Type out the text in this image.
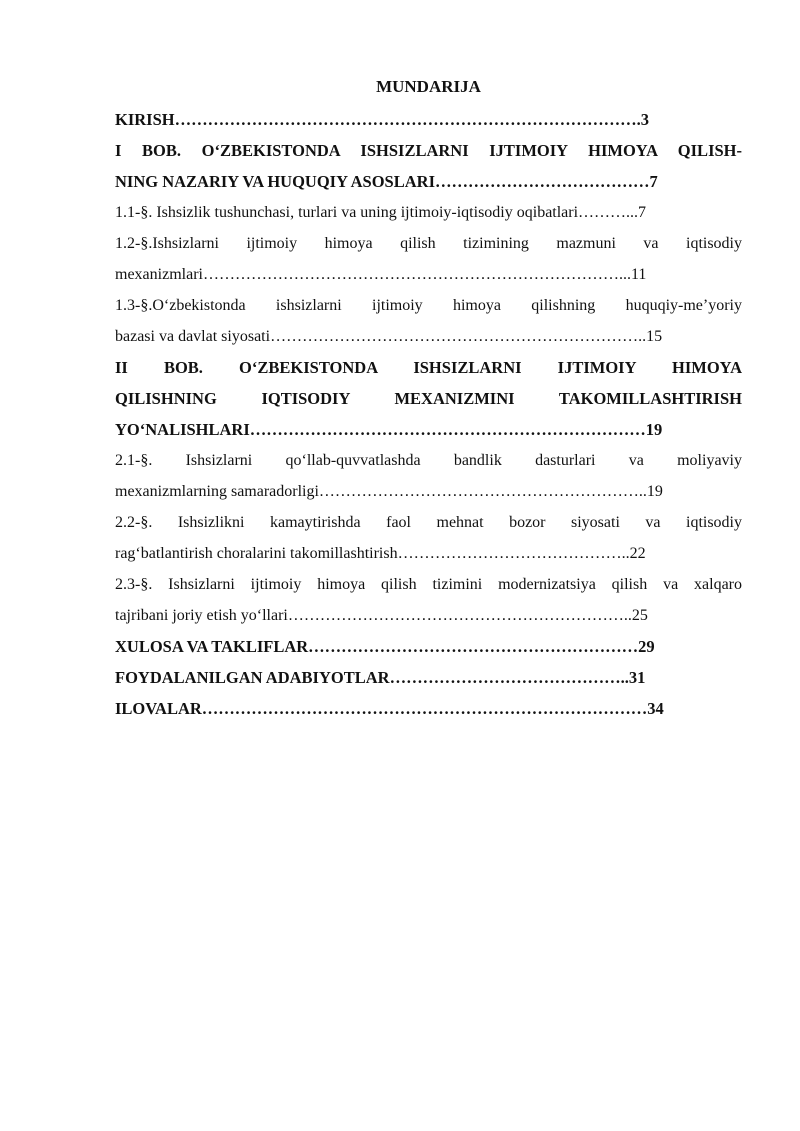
MUNDARIJA
KIRISH………………………………………………………………………….3
I BOB. O‘ZBEKISTONDA ISHSIZLARNI IJTIMOIY HIMOYA QILISH-
NING NAZARIY VA HUQUQIY ASOSLARI…………………………………7
1.1-§. Ishsizlik tushunchasi, turlari va uning ijtimoiy-iqtisodiy oqibatlari………...7
1.2-§.Ishsizlarni ijtimoiy himoya qilish tizimining mazmuni va iqtisodiy
mexanizmlari……………………………………………………………………...11
1.3-§.O‘zbekistonda ishsizlarni ijtimoiy himoya qilishning huquqiy-me’yoriy
bazasi va davlat siyosati……………………………………………………………..15
II BOB. O‘ZBEKISTONDA ISHSIZLARNI IJTIMOIY HIMOYA
QILISHNING IQTISODIY MEXANIZMINI TAKOMILLASHTIRISH
YO‘NALISHLARI………………………………………………………………19
2.1-§. Ishsizlarni qo‘llab-quvvatlashda bandlik dasturlari va moliyaviy
mexanizmlarning samaradorligi……………………………………………………..19
2.2-§. Ishsizlikni kamaytirishda faol mehnat bozor siyosati va iqtisodiy
rag‘batlantirish choralarini takomillashtirish……………………………………..22
2.3-§. Ishsizlarni ijtimoiy himoya qilish tizimini modernizatsiya qilish va xalqaro
tajribani joriy etish yo‘llari………………………………………………………..25
XULOSA VA TAKLIFLAR……………………………………………………29
FOYDALANILGAN ADABIYOTLAR……………………………………..31
ILOVALAR………………………………………………………………………34
